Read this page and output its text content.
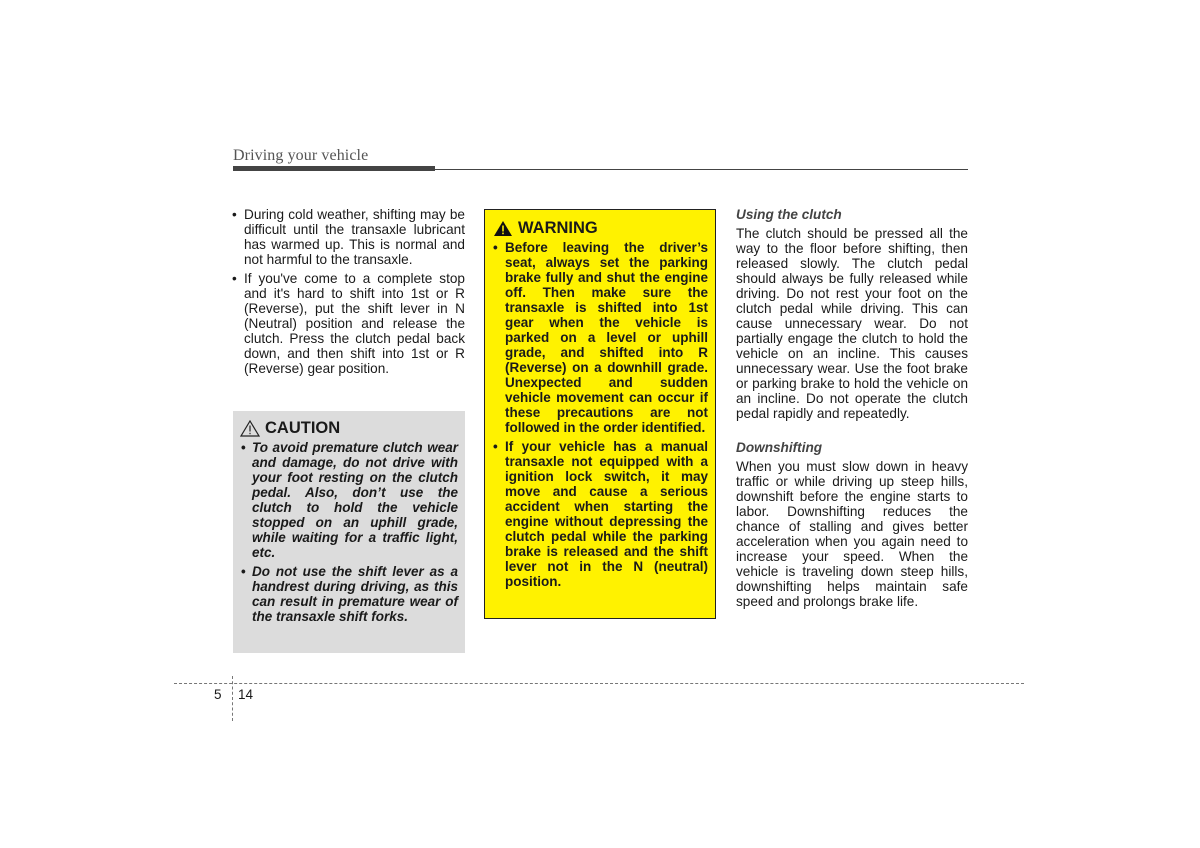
Driving your vehicle
• During cold weather, shifting may be difficult until the transaxle lubricant has warmed up. This is normal and not harmful to the transaxle.
• If you've come to a complete stop and it's hard to shift into 1st or R (Reverse), put the shift lever in N (Neutral) position and release the clutch. Press the clutch pedal back down, and then shift into 1st or R (Reverse) gear position.
CAUTION
• To avoid premature clutch wear and damage, do not drive with your foot resting on the clutch pedal. Also, don’t use the clutch to hold the vehicle stopped on an uphill grade, while waiting for a traffic light, etc.
• Do not use the shift lever as a handrest during driving, as this can result in premature wear of the transaxle shift forks.
WARNING
• Before leaving the driver’s seat, always set the parking brake fully and shut the engine off. Then make sure the transaxle is shifted into 1st gear when the vehicle is parked on a level or uphill grade, and shifted into R (Reverse) on a downhill grade. Unexpected and sudden vehicle movement can occur if these precautions are not followed in the order identified.
• If your vehicle has a manual transaxle not equipped with a ignition lock switch, it may move and cause a serious accident when starting the engine without depressing the clutch pedal while the parking brake is released and the shift lever not in the N (neutral) position.

Using the clutch

The clutch should be pressed all the way to the floor before shifting, then released slowly. The clutch pedal should always be fully released while driving. Do not rest your foot on the clutch pedal while driving. This can cause unnecessary wear. Do not partially engage the clutch to hold the vehicle on an incline. This causes unnecessary wear. Use the foot brake or parking brake to hold the vehicle on an incline. Do not operate the clutch pedal rapidly and repeatedly.

Downshifting

When you must slow down in heavy traffic or while driving up steep hills, downshift before the engine starts to labor. Downshifting reduces the chance of stalling and gives better acceleration when you again need to increase your speed. When the vehicle is traveling down steep hills, downshifting helps maintain safe speed and prolongs brake life.

5 14
